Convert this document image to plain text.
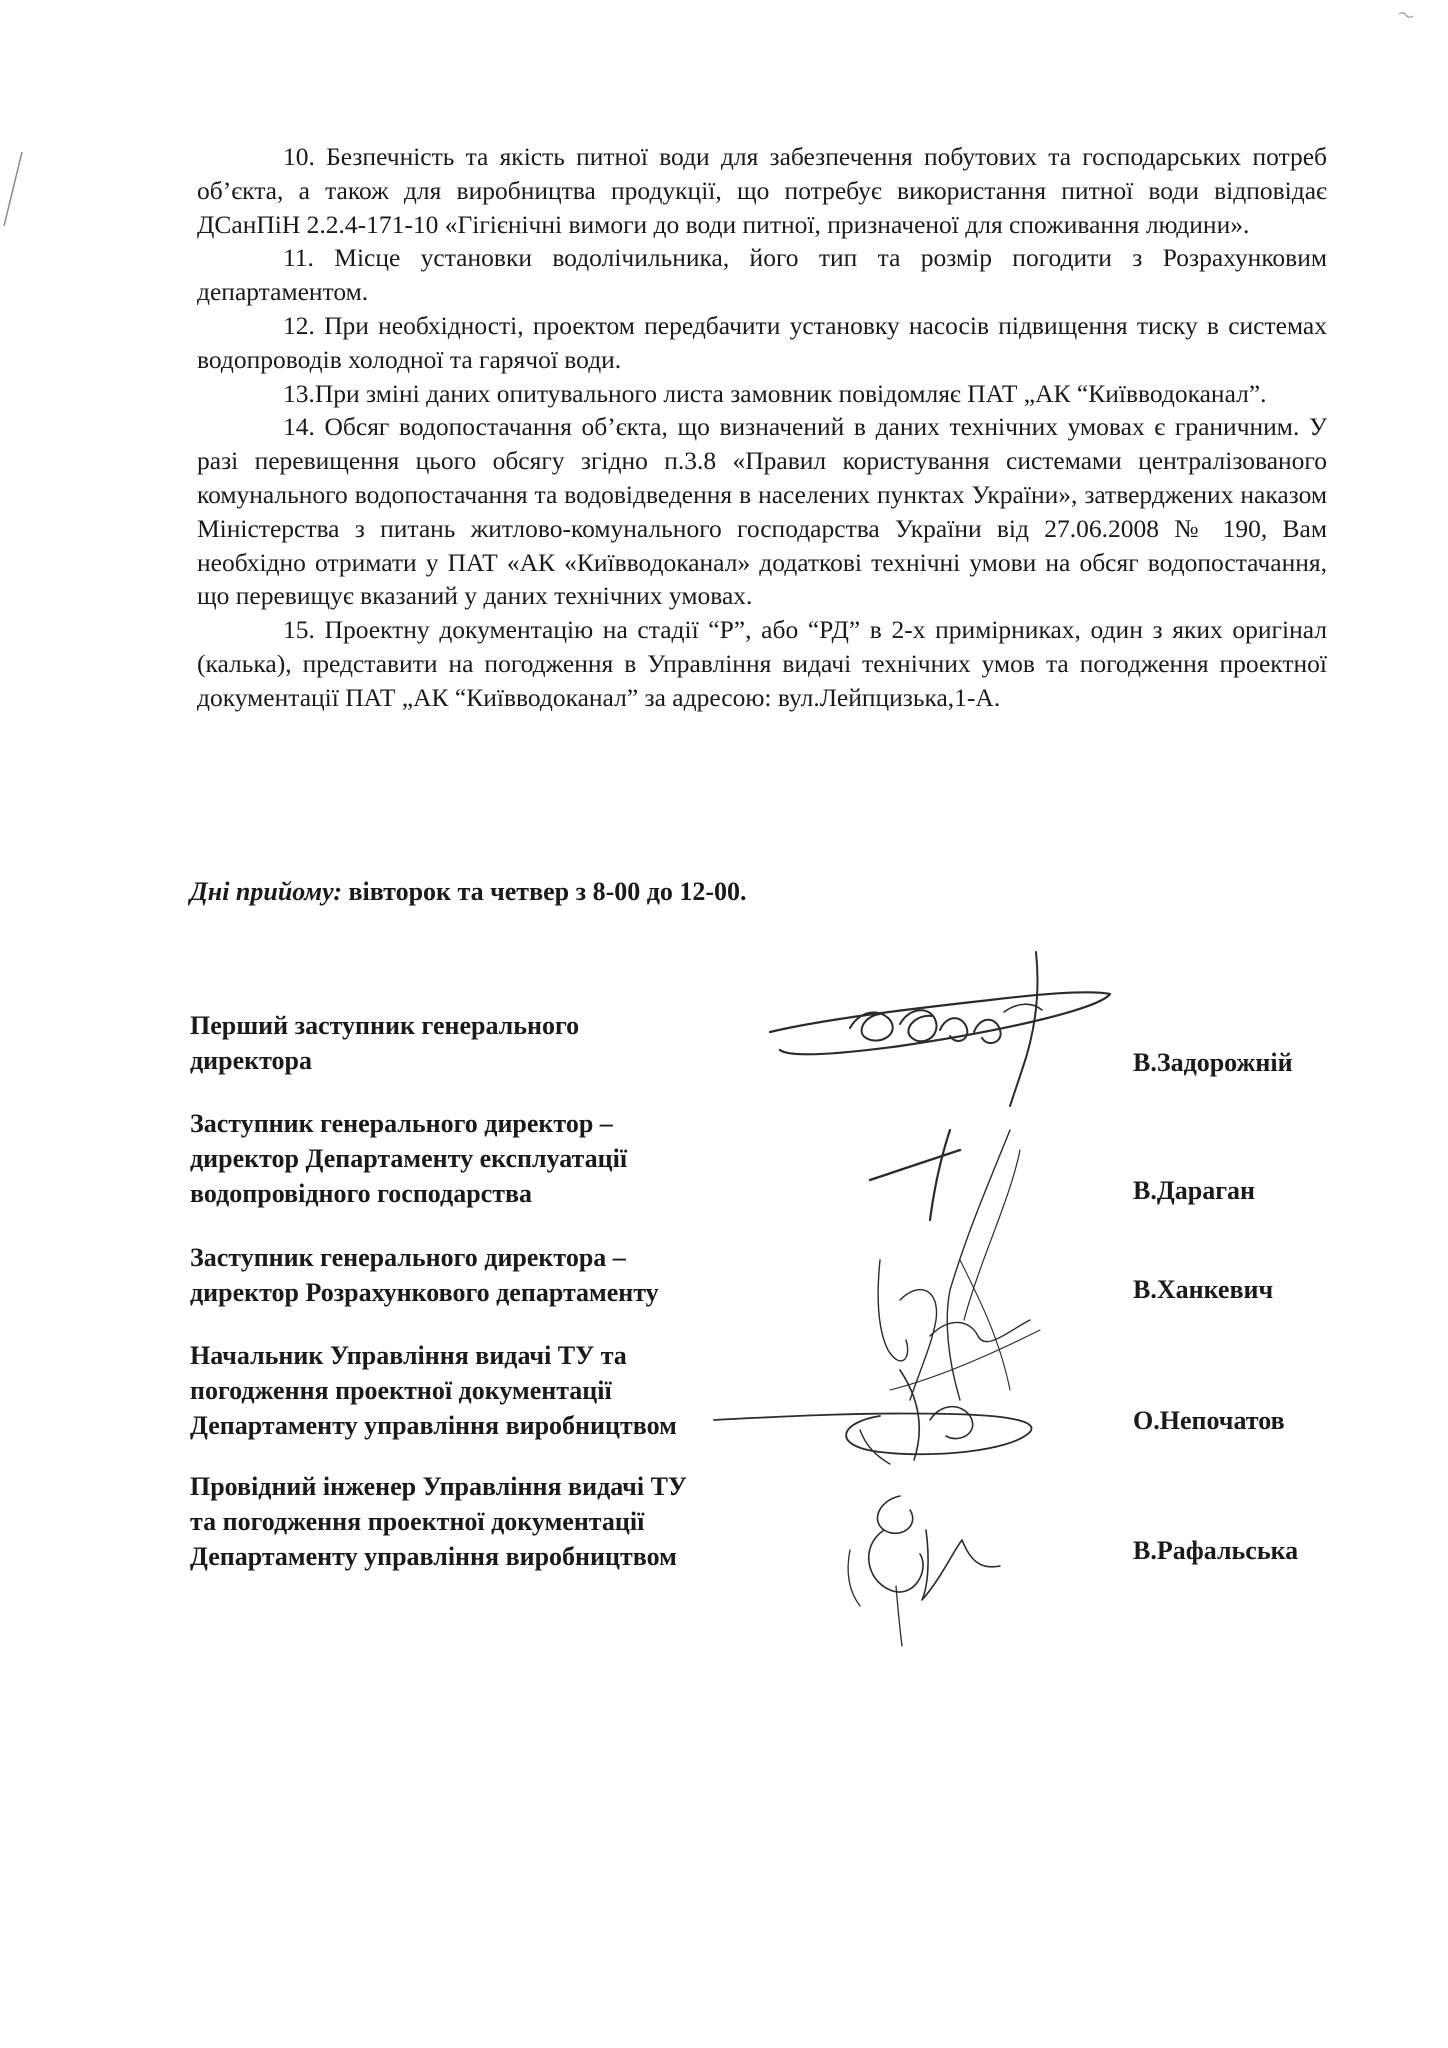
10. Безпечність та якість питної води для забезпечення побутових та господарських потреб об’єкта, а також для виробництва продукції, що потребує використання питної води відповідає ДСанПіН 2.2.4-171-10 «Гігієнічні вимоги до води питної, призначеної для споживання людини».

11. Місце установки водолічильника, його тип та розмір погодити з Розрахунковим департаментом.

12. При необхідності, проектом передбачити установку насосів підвищення тиску в системах водопроводів холодної та гарячої води.

13.При зміні даних опитувального листа замовник повідомляє ПАТ „АК “Київводоканал”.

14. Обсяг водопостачання об’єкта, що визначений в даних технічних умовах є граничним. У разі перевищення цього обсягу згідно п.3.8 «Правил користування системами централізованого комунального водопостачання та водовідведення в населених пунктах України», затверджених наказом Міністерства з питань житлово-комунального господарства України від 27.06.2008 № 190, Вам необхідно отримати у ПАТ «АК «Київводоканал» додаткові технічні умови на обсяг водопостачання, що перевищує вказаний у даних технічних умовах.

15. Проектну документацію на стадії “Р”, або “РД” в 2-х примірниках, один з яких оригінал (калька), представити на погодження в Управління видачі технічних умов та погодження проектної документації ПАТ „АК “Київводоканал” за адресою: вул.Лейпцизька,1-А.

Дні прийому: вівторок та четвер з 8-00 до 12-00.
Перший заступник генерального
директора	В.Задорожній
Заступник генерального директор –
директор Департаменту експлуатації
водопровідного господарства	В.Дараган
Заступник генерального директора –
директор Розрахункового департаменту	В.Ханкевич
Начальник Управління видачі ТУ та
погодження проектної документації
Департаменту управління виробництвом	О.Непочатов
Провідний інженер Управління видачі ТУ
та погодження проектної документації
Департаменту управління виробництвом	В.Рафальська
